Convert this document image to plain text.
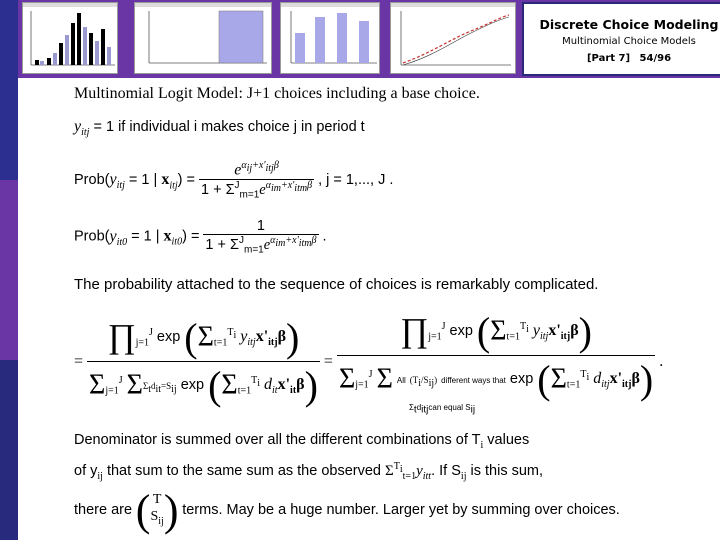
Discrete Choice Modeling
Multinomial Choice Models
[Part 7] 54/96
Multinomial Logit Model: J+1 choices including a base choice.
$y_{itj} = 1$ if individual i makes choice j in period t
$Prob(y_{itj} = 1$ | $x_{itj}) = \frac{e^{\alpha_{ij}+x'_{itj}\beta}}{1 + \Sigma^J_{m=1}e^{\alpha_{im}+x'_{itm}\beta}}$ , j = 1,..., J .
$Prob(y_{it0} = 1$ | $x_{it0}) = \frac{1}{1 + \Sigma^J_{m=1}e^{\alpha_{im}+x'_{itm}\beta}}$ .
The probability attached to the sequence of choices is remarkably complicated.
=
$\prod_{j=1}^J$ $\exp (\Sigma_{t=1}^{T_i}$ $y_{itj}x'_{itj}\beta$)
$\Sigma_{j=1}^J$ $\Sigma\Sigma_td_{it}=S_{ij}$ $\exp (\Sigma_{t=1}^{T_i}$ $d_{it}x'_{it}\beta$)
=
$\prod_{j=1}^J$ $\exp (\Sigma_{t=1}^{T_i}$ $y_{itj}x'_{itj}\beta$)
$\Sigma_{j=1}^J$ Σ All $(T_i/S_{ij})$ different ways that $\exp (\Sigma_{t=1}^{T_i}$ $d_{itj}x'_{itj}\beta$)
$\Sigma_td_{itj}can$ equal $S_{ij}$
.
Denominator is summed over all the different combinations of $T_i$ values
of $y_{ij}$ that sum to the same sum as the observed $\Sigma^{T_i}_{t=1}y_{itt}$. If $S_{ij}$ is this sum,
there are ( T
$S_{ij}$) terms. May be a huge number. Larger yet by summing over choices.
